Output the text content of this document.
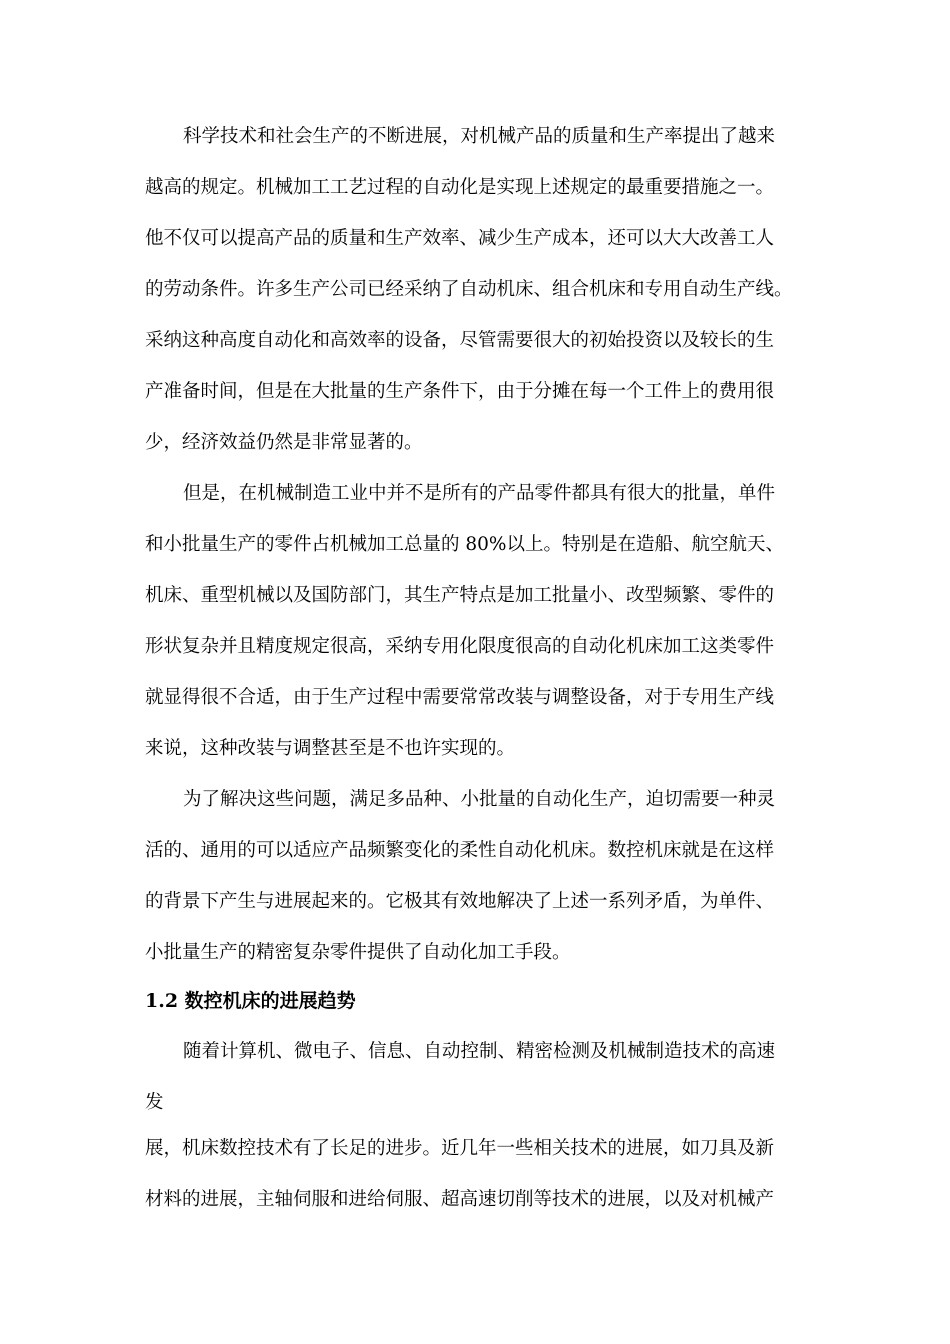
科学技术和社会生产的不断进展，对机械产品的质量和生产率提出了越来
越高的规定。机械加工工艺过程的自动化是实现上述规定的最重要措施之一。
他不仅可以提高产品的质量和生产效率、减少生产成本，还可以大大改善工人
的劳动条件。许多生产公司已经采纳了自动机床、组合机床和专用自动生产线。
采纳这种高度自动化和高效率的设备，尽管需要很大的初始投资以及较长的生
产准备时间，但是在大批量的生产条件下，由于分摊在每一个工件上的费用很
少，经济效益仍然是非常显著的。
但是，在机械制造工业中并不是所有的产品零件都具有很大的批量，单件
和小批量生产的零件占机械加工总量的 80%以上。特别是在造船、航空航天、
机床、重型机械以及国防部门，其生产特点是加工批量小、改型频繁、零件的
形状复杂并且精度规定很高，采纳专用化限度很高的自动化机床加工这类零件
就显得很不合适，由于生产过程中需要常常改装与调整设备，对于专用生产线
来说，这种改装与调整甚至是不也许实现的。
为了解决这些问题，满足多品种、小批量的自动化生产，迫切需要一种灵
活的、通用的可以适应产品频繁变化的柔性自动化机床。数控机床就是在这样
的背景下产生与进展起来的。它极其有效地解决了上述一系列矛盾，为单件、
小批量生产的精密复杂零件提供了自动化加工手段。
1.2 数控机床的进展趋势
随着计算机、微电子、信息、自动控制、精密检测及机械制造技术的高速
发
展，机床数控技术有了长足的进步。近几年一些相关技术的进展，如刀具及新
材料的进展，主轴伺服和进给伺服、超高速切削等技术的进展，以及对机械产
